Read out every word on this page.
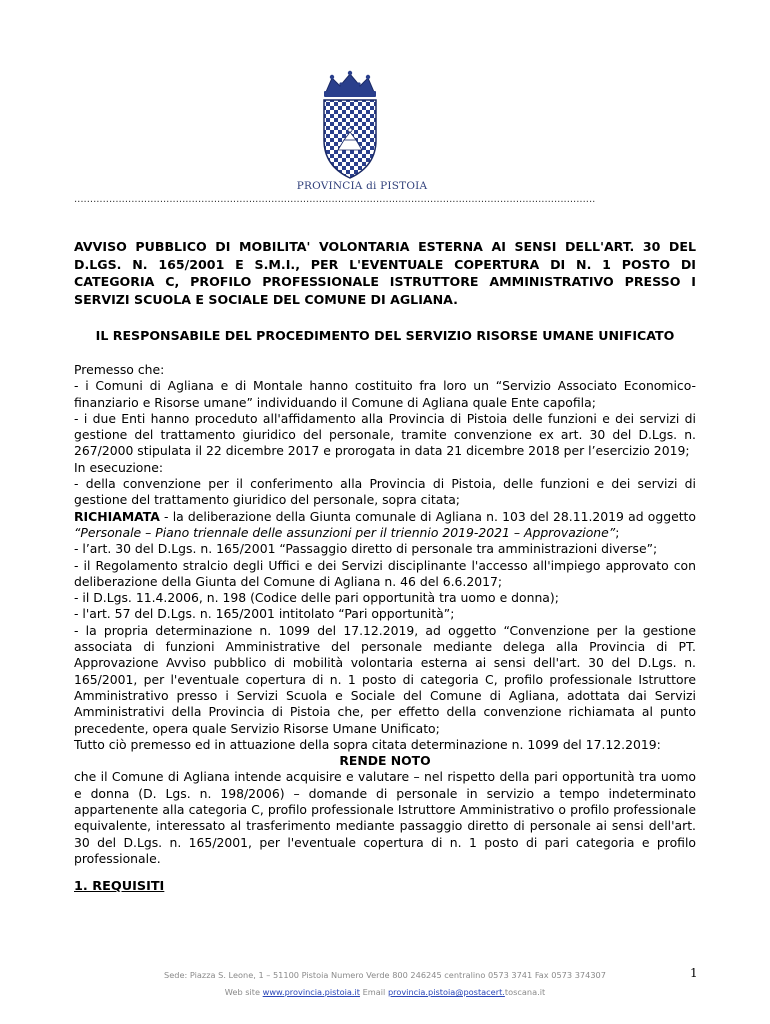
PROVINCIA di PISTOIA
....................................................................................................................................................................

AVVISO PUBBLICO DI MOBILITA' VOLONTARIA ESTERNA AI SENSI DELL'ART. 30 DEL D.LGS. N. 165/2001 E S.M.I., PER L'EVENTUALE COPERTURA DI N. 1 POSTO DI CATEGORIA C, PROFILO PROFESSIONALE ISTRUTTORE AMMINISTRATIVO PRESSO I SERVIZI SCUOLA E SOCIALE DEL COMUNE DI AGLIANA.

IL RESPONSABILE DEL PROCEDIMENTO DEL SERVIZIO RISORSE UMANE UNIFICATO

Premesso che:

- i Comuni di Agliana e di Montale hanno costituito fra loro un “Servizio Associato Economico-finanziario e Risorse umane” individuando il Comune di Agliana quale Ente capofila;

- i due Enti hanno proceduto all'affidamento alla Provincia di Pistoia delle funzioni e dei servizi di gestione del trattamento giuridico del personale, tramite convenzione ex art. 30 del D.Lgs. n. 267/2000 stipulata il 22 dicembre 2017 e prorogata in data 21 dicembre 2018 per l’esercizio 2019;

In esecuzione:

- della convenzione per il conferimento alla Provincia di Pistoia, delle funzioni e dei servizi di gestione del trattamento giuridico del personale, sopra citata;

RICHIAMATA - la deliberazione della Giunta comunale di Agliana n. 103 del 28.11.2019 ad oggetto “Personale – Piano triennale delle assunzioni per il triennio 2019-2021 – Approvazione”;

- l’art. 30 del D.Lgs. n. 165/2001 “Passaggio diretto di personale tra amministrazioni diverse”;

- il Regolamento stralcio degli Uffici e dei Servizi disciplinante l'accesso all'impiego approvato con deliberazione della Giunta del Comune di Agliana n. 46 del 6.6.2017;

- il D.Lgs. 11.4.2006, n. 198 (Codice delle pari opportunità tra uomo e donna);

- l'art. 57 del D.Lgs. n. 165/2001 intitolato “Pari opportunità”;

- la propria determinazione n. 1099 del 17.12.2019, ad oggetto “Convenzione per la gestione associata di funzioni Amministrative del personale mediante delega alla Provincia di PT. Approvazione Avviso pubblico di mobilità volontaria esterna ai sensi dell'art. 30 del D.Lgs. n. 165/2001, per l'eventuale copertura di n. 1 posto di categoria C, profilo professionale Istruttore Amministrativo presso i Servizi Scuola e Sociale del Comune di Agliana, adottata dai Servizi Amministrativi della Provincia di Pistoia che, per effetto della convenzione richiamata al punto precedente, opera quale Servizio Risorse Umane Unificato;

Tutto ciò premesso ed in attuazione della sopra citata determinazione n. 1099 del 17.12.2019:

RENDE NOTO

che il Comune di Agliana intende acquisire e valutare – nel rispetto della pari opportunità tra uomo e donna (D. Lgs. n. 198/2006) – domande di personale in servizio a tempo indeterminato appartenente alla categoria C, profilo professionale Istruttore Amministrativo o profilo professionale equivalente, interessato al trasferimento mediante passaggio diretto di personale ai sensi dell'art. 30 del D.Lgs. n. 165/2001, per l'eventuale copertura di n. 1 posto di pari categoria e profilo professionale.

1. REQUISITI

Sede: Piazza S. Leone, 1 – 51100 Pistoia Numero Verde 800 246245 centralino 0573 3741 Fax 0573 374307
Web site www.provincia.pistoia.it Email provincia.pistoia@postacert.toscana.it
1
